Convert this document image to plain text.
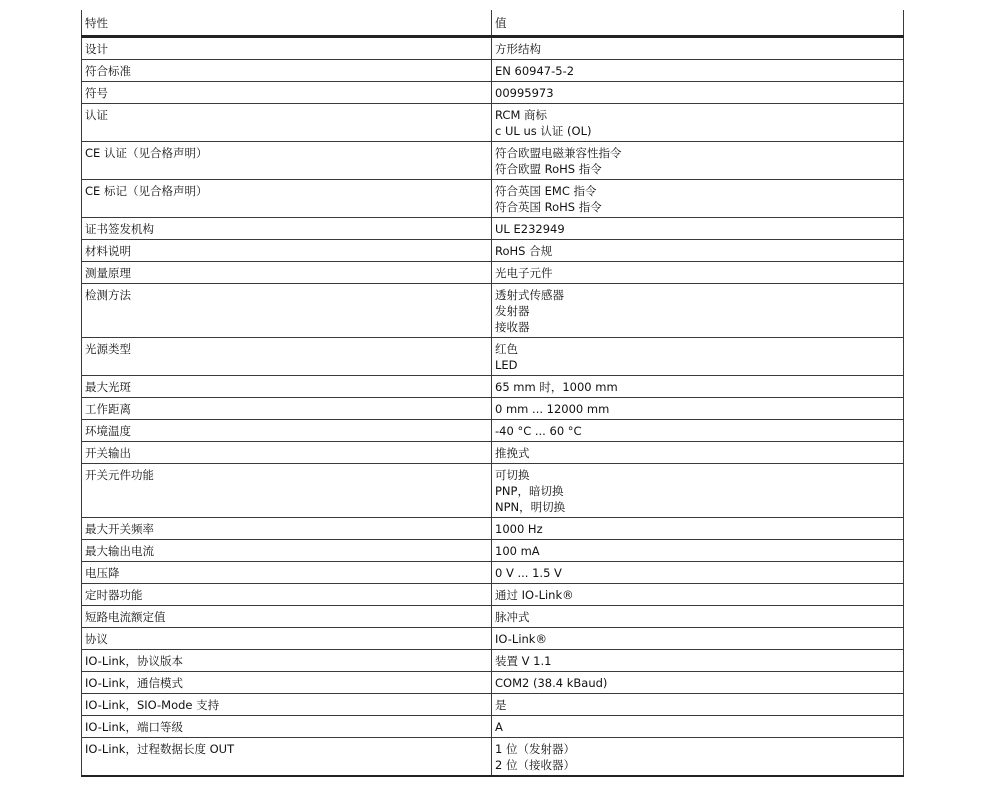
特性	值
设计	方形结构

符合标准	EN 60947-5-2

符号	00995973

认证	RCM 商标
c UL us 认证 (OL)

CE 认证（见合格声明）	符合欧盟电磁兼容性指令
符合欧盟 RoHS 指令

CE 标记（见合格声明）	符合英国 EMC 指令
符合英国 RoHS 指令

证书签发机构	UL E232949

材料说明	RoHS 合规

测量原理	光电子元件

检测方法	透射式传感器
发射器
接收器

光源类型	红色
LED

最大光斑	65 mm 时，1000 mm

工作距离	0 mm ... 12000 mm

环境温度	-40 °C ... 60 °C

开关输出	推挽式

开关元件功能	可切换
PNP，暗切换
NPN，明切换

最大开关频率	1000 Hz

最大输出电流	100 mA

电压降	0 V ... 1.5 V

定时器功能	通过 IO-Link®

短路电流额定值	脉冲式

协议	IO-Link®

IO-Link，协议版本	装置 V 1.1

IO-Link，通信模式	COM2 (38.4 kBaud)

IO-Link，SIO-Mode 支持	是

IO-Link，端口等级	A

IO-Link，过程数据长度 OUT	1 位（发射器）
2 位（接收器）
